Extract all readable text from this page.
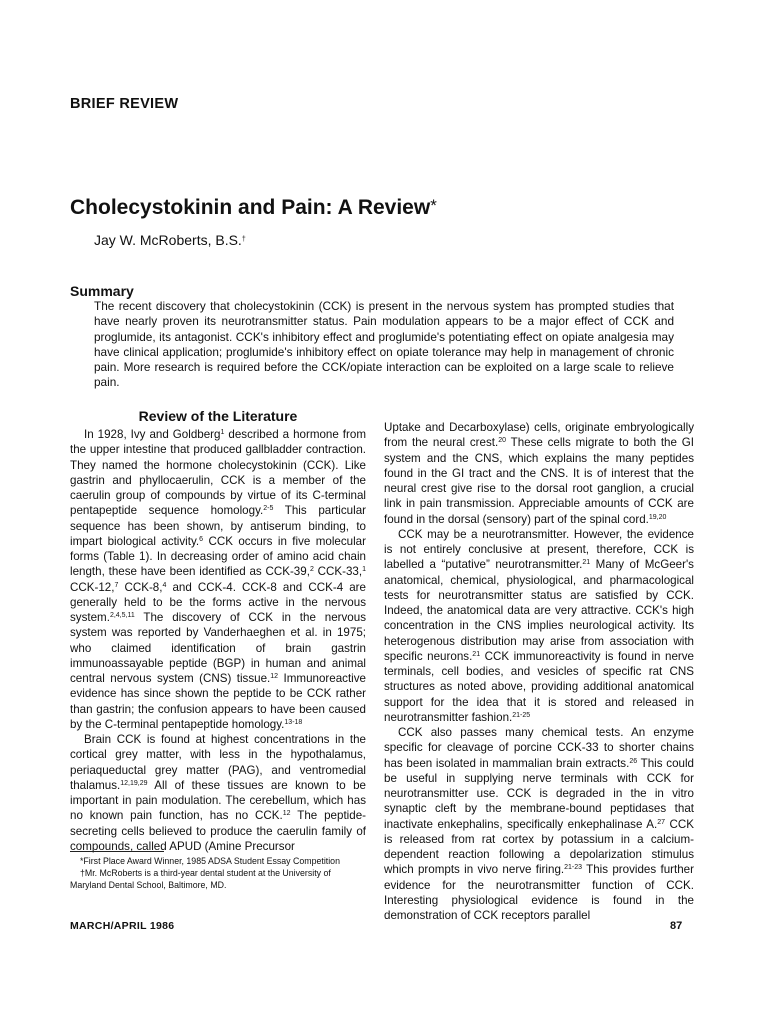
BRIEF REVIEW
Cholecystokinin and Pain: A Review*
Jay W. McRoberts, B.S.†
Summary
The recent discovery that cholecystokinin (CCK) is present in the nervous system has prompted studies that have nearly proven its neurotransmitter status. Pain modulation appears to be a major effect of CCK and proglumide, its antagonist. CCK's inhibitory effect and proglumide's potentiating effect on opiate analgesia may have clinical application; proglumide's inhibitory effect on opiate tolerance may help in management of chronic pain. More research is required before the CCK/opiate interaction can be exploited on a large scale to relieve pain.
Review of the Literature

In 1928, Ivy and Goldberg$^1$ described a hormone from the upper intestine that produced gallbladder contraction. They named the hormone cholecystokinin (CCK). Like gastrin and phyllocaerulin, CCK is a member of the caerulin group of compounds by virtue of its C-terminal pentapeptide sequence homology.$^{2-5}$ This particular sequence has been shown, by antiserum binding, to impart biological activity.$^6$ CCK occurs in five molecular forms (Table 1). In decreasing order of amino acid chain length, these have been identified as CCK-39,$^2$ CCK-33,$^1$ CCK-12,$^7$ CCK-8,$^4$ and CCK-4. CCK-8 and CCK-4 are generally held to be the forms active in the nervous system.$^{2,4,5,11}$ The discovery of CCK in the nervous system was reported by Vanderhaeghen et al. in 1975; who claimed identification of brain gastrin immunoassayable peptide (BGP) in human and animal central nervous system (CNS) tissue.$^{12}$ Immunoreactive evidence has since shown the peptide to be CCK rather than gastrin; the confusion appears to have been caused by the C-terminal pentapeptide homology.$^{13-18}$

Brain CCK is found at highest concentrations in the cortical grey matter, with less in the hypothalamus, periaqueductal grey matter (PAG), and ventromedial thalamus.$^{12,19,29}$ All of these tissues are known to be important in pain modulation. The cerebellum, which has no known pain function, has no CCK.$^{12}$ The peptide-secreting cells believed to produce the caerulin family of compounds, called APUD (Amine Precursor

Uptake and Decarboxylase) cells, originate embryologically from the neural crest.$^{20}$ These cells migrate to both the GI system and the CNS, which explains the many peptides found in the GI tract and the CNS. It is of interest that the neural crest give rise to the dorsal root ganglion, a crucial link in pain transmission. Appreciable amounts of CCK are found in the dorsal (sensory) part of the spinal cord.$^{19,20}$

CCK may be a neurotransmitter. However, the evidence is not entirely conclusive at present, therefore, CCK is labelled a “putative” neurotransmitter.$^{21}$ Many of McGeer's anatomical, chemical, physiological, and pharmacological tests for neurotransmitter status are satisfied by CCK. Indeed, the anatomical data are very attractive. CCK's high concentration in the CNS implies neurological activity. Its heterogenous distribution may arise from association with specific neurons.$^{21}$ CCK immunoreactivity is found in nerve terminals, cell bodies, and vesicles of specific rat CNS structures as noted above, providing additional anatomical support for the idea that it is stored and released in neurotransmitter fashion.$^{21-25}$

CCK also passes many chemical tests. An enzyme specific for cleavage of porcine CCK-33 to shorter chains has been isolated in mammalian brain extracts.$^{26}$ This could be useful in supplying nerve terminals with CCK for neurotransmitter use. CCK is degraded in the in vitro synaptic cleft by the membrane-bound peptidases that inactivate enkephalins, specifically enkephalinase A.$^{27}$ CCK is released from rat cortex by potassium in a calcium-dependent reaction following a depolarization stimulus which prompts in vivo nerve firing.$^{21-23}$ This provides further evidence for the neurotransmitter function of CCK. Interesting physiological evidence is found in the demonstration of CCK receptors parallel

*First Place Award Winner, 1985 ADSA Student Essay Competition

†Mr. McRoberts is a third-year dental student at the University of Maryland Dental School, Baltimore, MD.

MARCH/APRIL 1986	87
